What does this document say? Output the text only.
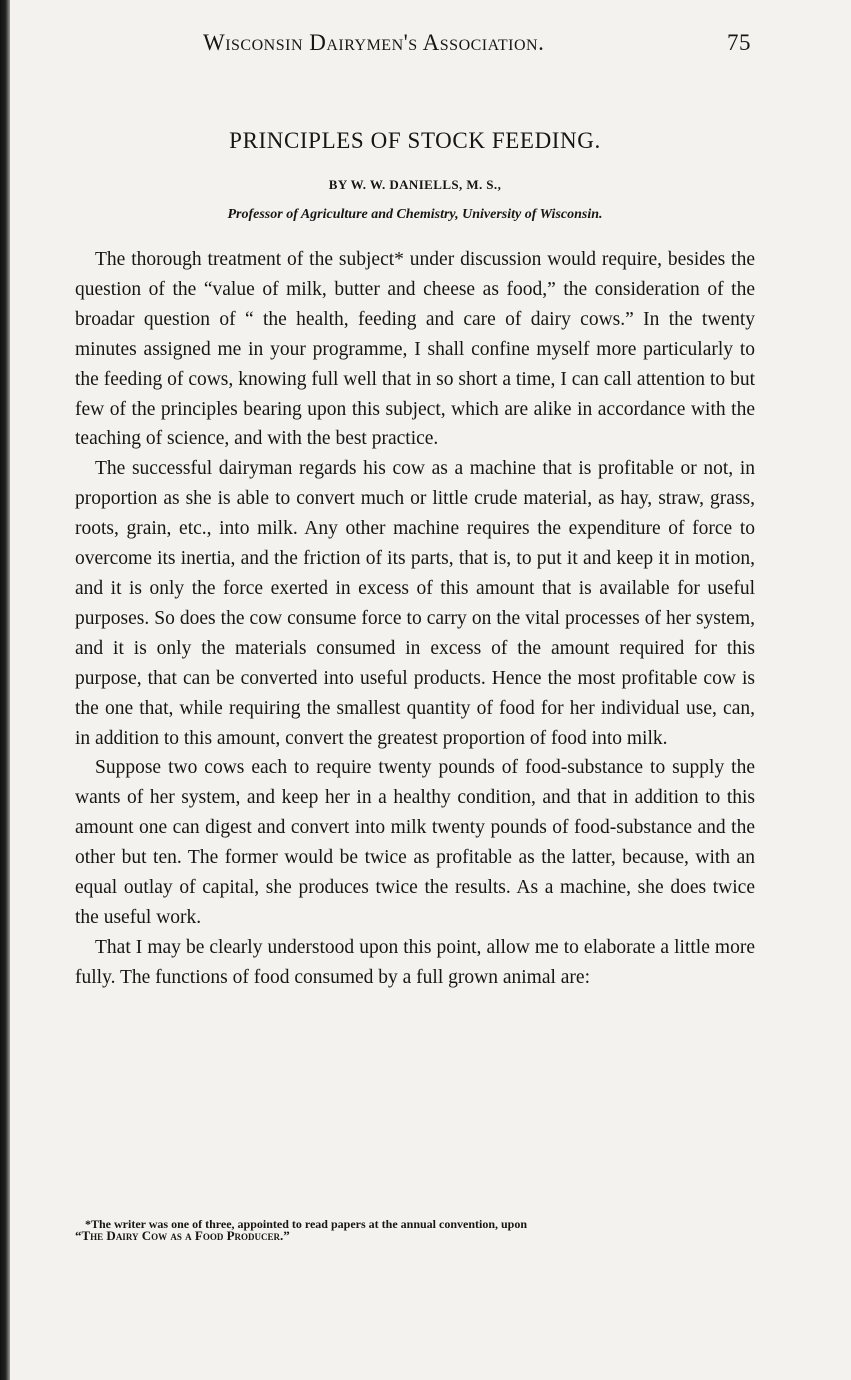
Wisconsin Dairymen's Association.	75
PRINCIPLES OF STOCK FEEDING.
BY W. W. DANIELLS, M. S.,
Professor of Agriculture and Chemistry, University of Wisconsin.

The thorough treatment of the subject* under discussion would require, besides the question of the “value of milk, butter and cheese as food,” the consideration of the broadar question of “ the health, feeding and care of dairy cows.” In the twenty minutes assigned me in your programme, I shall confine myself more particularly to the feeding of cows, knowing full well that in so short a time, I can call attention to but few of the principles bearing upon this subject, which are alike in accordance with the teaching of science, and with the best practice.

The successful dairyman regards his cow as a machine that is profitable or not, in proportion as she is able to convert much or little crude material, as hay, straw, grass, roots, grain, etc., into milk. Any other machine requires the expenditure of force to overcome its inertia, and the friction of its parts, that is, to put it and keep it in motion, and it is only the force exerted in excess of this amount that is available for useful purposes. So does the cow consume force to carry on the vital processes of her system, and it is only the materials consumed in excess of the amount required for this purpose, that can be converted into useful products. Hence the most profitable cow is the one that, while requiring the smallest quantity of food for her individual use, can, in addition to this amount, convert the greatest proportion of food into milk.

Suppose two cows each to require twenty pounds of food-substance to supply the wants of her system, and keep her in a healthy condition, and that in addition to this amount one can digest and convert into milk twenty pounds of food-substance and the other but ten. The former would be twice as profitable as the latter, because, with an equal outlay of capital, she produces twice the results. As a machine, she does twice the useful work.

That I may be clearly understood upon this point, allow me to elaborate a little more fully. The functions of food consumed by a full grown animal are:

*The writer was one of three, appointed to read papers at the annual convention, upon
“The Dairy Cow as a Food Producer.”
